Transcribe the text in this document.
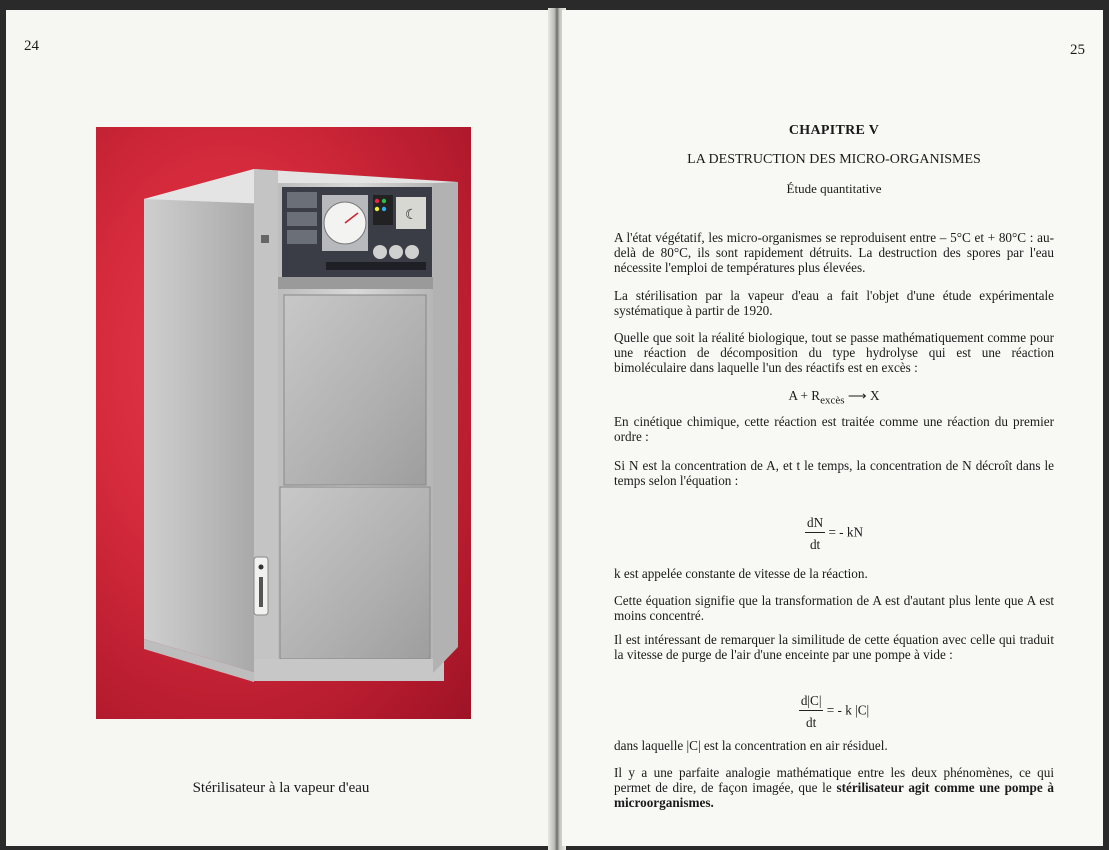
24
☾
Stérilisateur à la vapeur d'eau
25
CHAPITRE V
LA DESTRUCTION DES MICRO-ORGANISMES
Étude quantitative
A l'état végétatif, les micro-organismes se reproduisent entre – 5°C et + 80°C : au-delà de 80°C, ils sont rapidement détruits. La destruction des spores par l'eau nécessite l'emploi de températures plus élevées.
La stérilisation par la vapeur d'eau a fait l'objet d'une étude expérimentale systématique à partir de 1920.
Quelle que soit la réalité biologique, tout se passe mathématiquement comme pour une réaction de décomposition du type hydrolyse qui est une réaction bimoléculaire dans laquelle l'un des réactifs est en excès :
$A + R_{excès}$ ⟶ X
En cinétique chimique, cette réaction est traitée comme une réaction du premier ordre :
Si N est la concentration de A, et t le temps, la concentration de N décroît dans le temps selon l'équation :
$\frac{dN}{dt}$ = - kN
k est appelée constante de vitesse de la réaction.
Cette équation signifie que la transformation de A est d'autant plus lente que A est moins concentré.
Il est intéressant de remarquer la similitude de cette équation avec celle qui traduit la vitesse de purge de l'air d'une enceinte par une pompe à vide :
$\frac{d|C|}{dt}$ = - k |C|
dans laquelle |C| est la concentration en air résiduel.
Il y a une parfaite analogie mathématique entre les deux phénomènes, ce qui permet de dire, de façon imagée, que le stérilisateur agit comme une pompe à microorganismes.
